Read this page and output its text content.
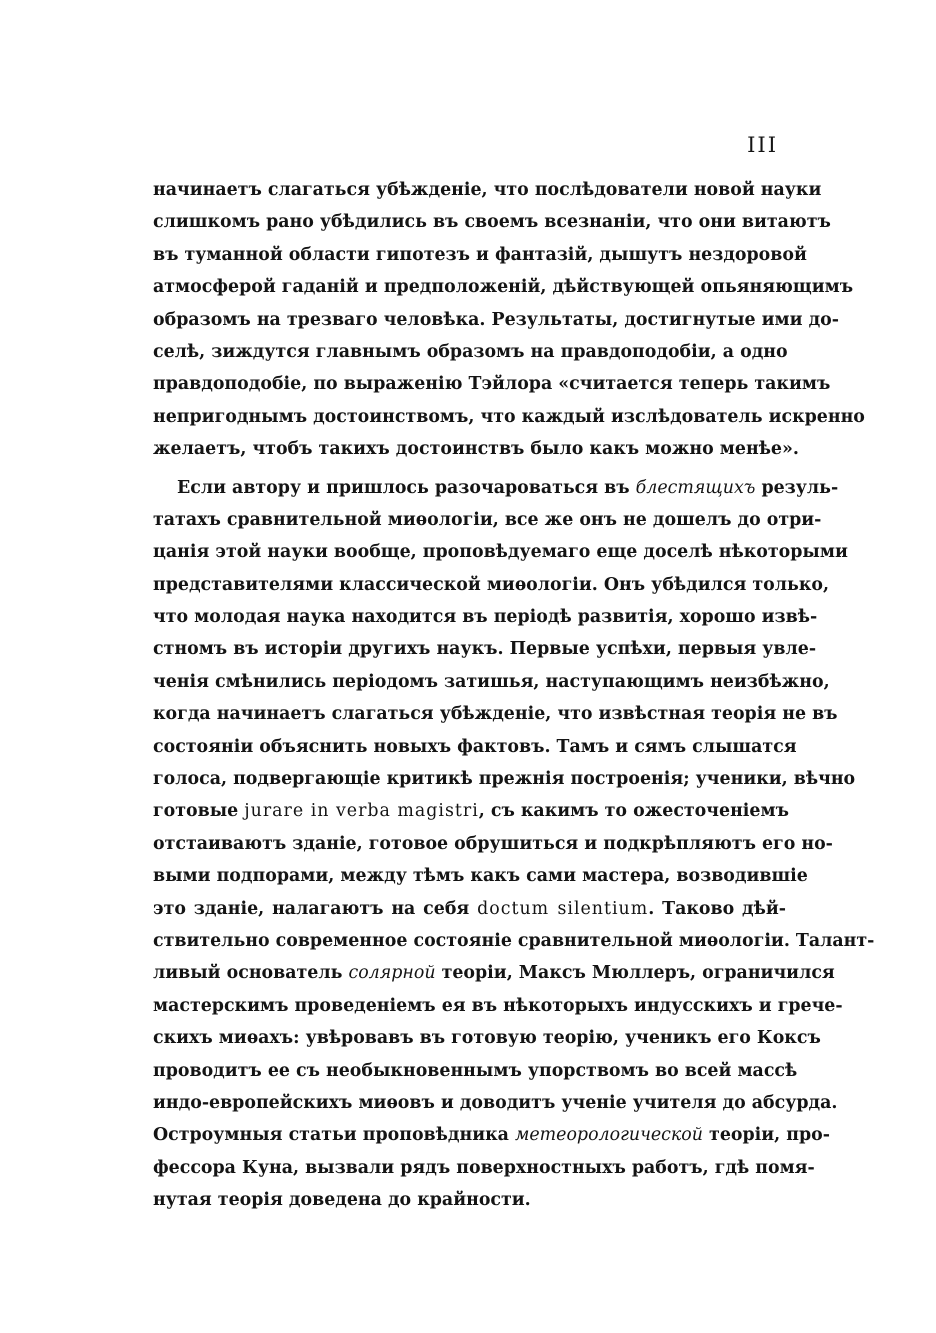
III
начинаетъ слагаться убѣжденіе, что послѣдователи новой науки
слишкомъ рано убѣдились въ своемъ всезнаніи, что они витаютъ
въ туманной области гипотезъ и фантазій, дышутъ нездоровой
атмосферой гаданій и предположеній, дѣйствующей опьяняющимъ
образомъ на трезваго человѣка. Результаты, достигнутые ими до-
селѣ, зиждутся главнымъ образомъ на правдоподобіи, а одно
правдоподобіе, по выраженію Тэйлора «считается теперь такимъ
непригоднымъ достоинствомъ, что каждый изслѣдователь искренно
желаетъ, чтобъ такихъ достоинствъ было какъ можно менѣе».
Если автору и пришлось разочароваться въ блестящихъ резуль-
татахъ сравнительной миѳологіи, все же онъ не дошелъ до отри-
цанія этой науки вообще, проповѣдуемаго еще доселѣ нѣкоторыми
представителями классической миѳологіи. Онъ убѣдился только,
что молодая наука находится въ періодѣ развитія, хорошо извѣ-
стномъ въ исторіи другихъ наукъ. Первые успѣхи, первыя увле-
ченія смѣнились періодомъ затишья, наступающимъ неизбѣжно,
когда начинаетъ слагаться убѣжденіе, что извѣстная теорія не въ
состояніи объяснить новыхъ фактовъ. Тамъ и сямъ слышатся
голоса, подвергающіе критикѣ прежнія построенія; ученики, вѣчно
готовые jurare in verba magistri, съ какимъ то ожесточеніемъ
отстаиваютъ зданіе, готовое обрушиться и подкрѣпляютъ его но-
выми подпорами, между тѣмъ какъ сами мастера, возводившіе
это зданіе, налагаютъ на себя doctum silentium. Таково дѣй-
ствительно современное состояніе сравнительной миѳологіи. Талант-
ливый основатель солярной теоріи, Максъ Мюллеръ, ограничился
мастерскимъ проведеніемъ ея въ нѣкоторыхъ индусскихъ и грече-
скихъ миѳахъ: увѣровавъ въ готовую теорію, ученикъ его Коксъ
проводитъ ее съ необыкновеннымъ упорствомъ во всей массѣ
индо-европейскихъ миѳовъ и доводитъ ученіе учителя до абсурда.
Остроумныя статьи проповѣдника метеорологической теоріи, про-
фессора Куна, вызвали рядъ поверхностныхъ работъ, гдѣ помя-
нутая теорія доведена до крайности.
